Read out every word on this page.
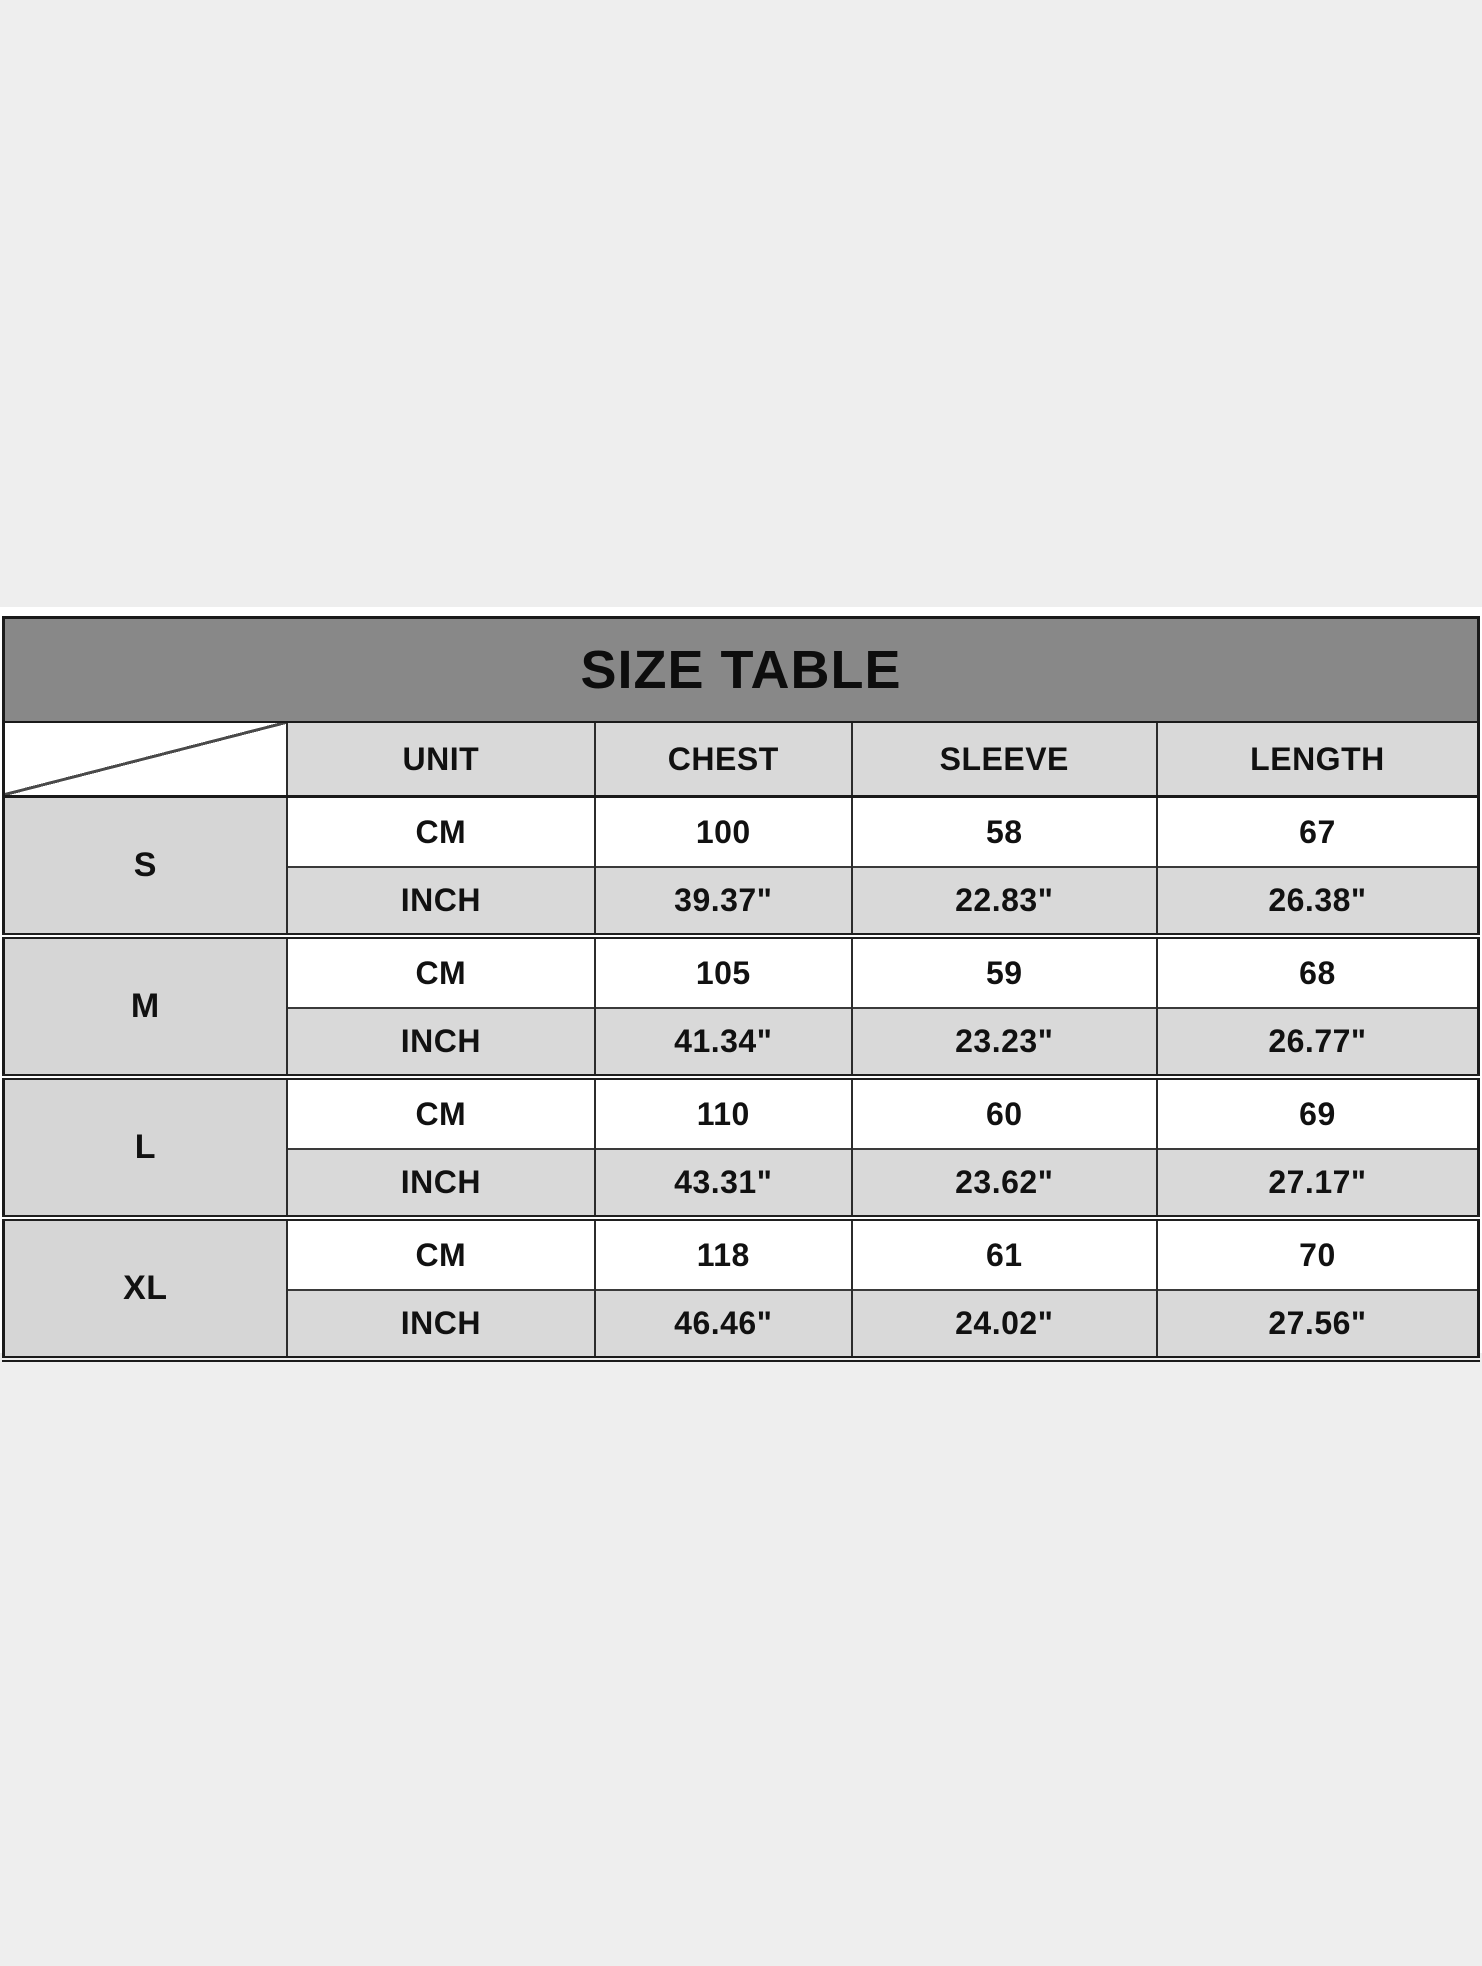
SIZE TABLE				

	UNIT	CHEST	SLEEVE	LENGTH
S	CM	100	58	67
	INCH	39.37"	22.83"	26.38"
M	CM	105	59	68
	INCH	41.34"	23.23"	26.77"
L	CM	110	60	69
	INCH	43.31"	23.62"	27.17"
XL	CM	118	61	70
	INCH	46.46"	24.02"	27.56"
